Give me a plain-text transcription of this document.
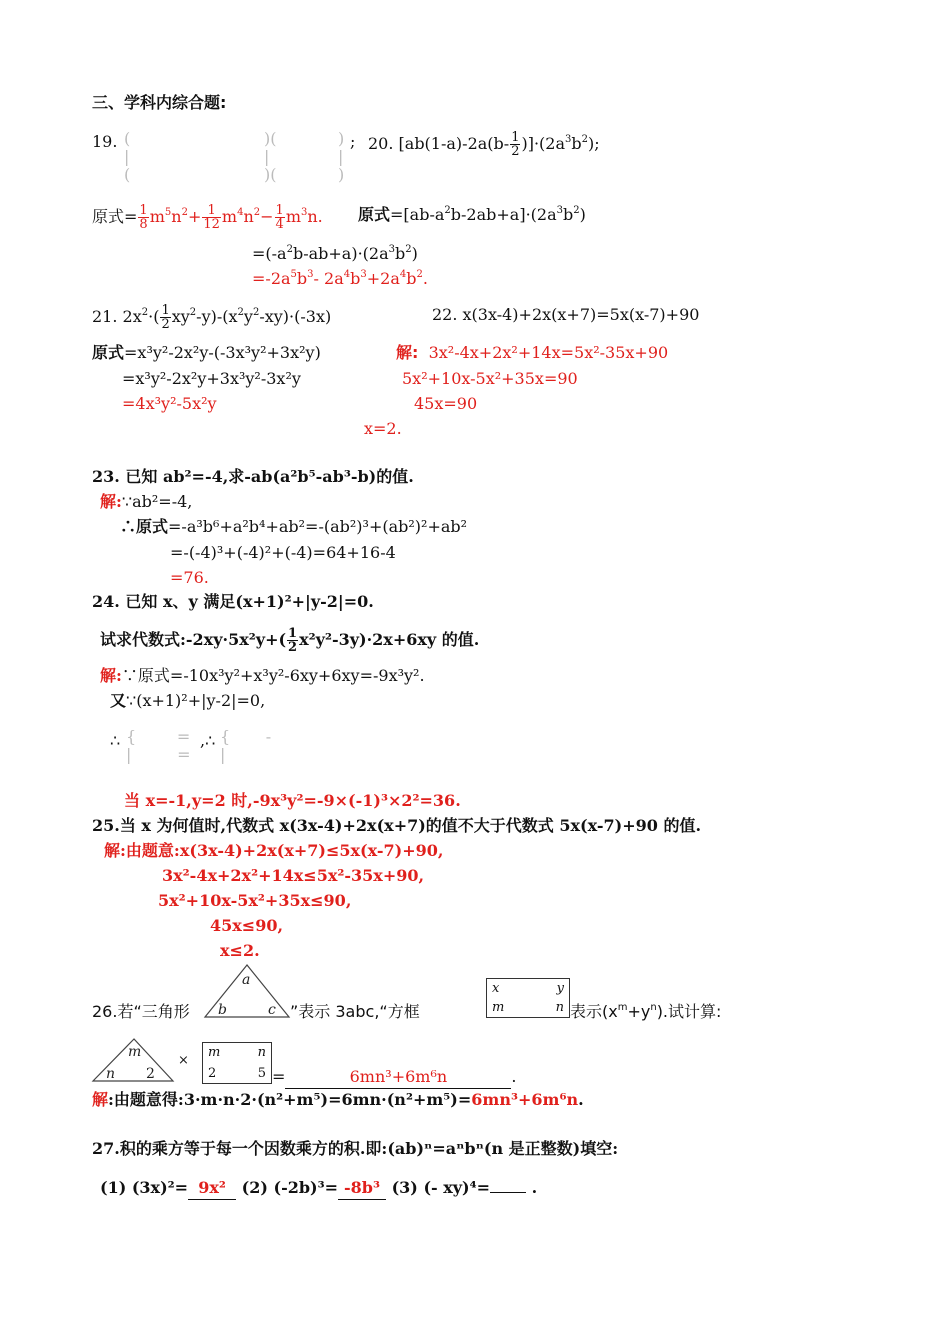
三、学科内综合题:
19. (
|
(
)(
|
)(
)
|
)
; 20. $[ab(1-a)-2a(b- \frac{1}{2} )]\cdot(2a^3b^2)$;
原式= $\frac{1}{8} m^5n^2+ \frac{1}{12} m^4n^2- \frac{1}{4} m^3n$. 原式$=[ab-a^2b-2ab+a]\cdot(2a^3b^2)$
$=(-a^2b-ab+a)\cdot(2a^3b^2)$
$=-2a^5b^3-$ $2a^4b^3+2a^4b^2$.
21. $2x^2\cdot( \frac{1}{2} xy^2-y)-(x^2y^2-xy)\cdot(-3x)$	22. x(3x-4)+2x(x+7)=5x(x-7)+90
原式=x³y²-2x²y-(-3x³y²+3x²y)
=x³y²-2x²y+3x³y²-3x²y
=4x³y²-5x²y
解: 3x²-4x+2x²+14x=5x²-35x+90
5x²+10x-5x²+35x=90
45x=90
x=2.
23. 已知 ab²=-4,求-ab(a²b⁵-ab³-b)的值.
解:∵ab²=-4,
∴原式=-a³b⁶+a²b⁴+ab²=-(ab²)³+(ab²)²+ab²
=-(-4)³+(-4)²+(-4)=64+16-4
=76.
24. 已知 x、y 满足(x+1)²+|y-2|=0.
试求代数式:-2xy·5x²y+( $\frac{1}{2} x^2y^2-3y)\cdot 2x+6xy$ 的值.
解:∵原式=-10x³y²+x³y²-6xy+6xy=-9x³y².
又∵(x+1)²+|y-2|=0,
∴ {        =
|         =
,∴ {       -
|
当 x=-1,y=2 时,-9x³y²=-9×(-1)³×2²=36.
25.当 x 为何值时,代数式 x(3x-4)+2x(x+7)的值不大于代数式 5x(x-7)+90 的值.
解:由题意:x(3x-4)+2x(x+7)≤5x(x-7)+90,
3x²-4x+2x²+14x≤5x²-35x+90,
5x²+10x-5x²+35x≤90,
45x≤90,
x≤2.
26.若“三角形
a
b	c ”表示 3abc,“方框
x	y
m	n 表示$(x^m+y^n)$.试计算:
m
n 2
×
m	n
2	5 =	6mn³+6m⁶n	.
解:由题意得:3·m·n·2·(n²+m⁵)=6mn·(n²+m⁵)=6mn³+6m⁶n.
27.积的乘方等于每一个因数乘方的积.即:(ab)ⁿ=aⁿbⁿ(n 是正整数)填空:
(1) (3x)²= 9x² (2) (-2b)³= -8b³ (3) (- xy)⁴=	.
